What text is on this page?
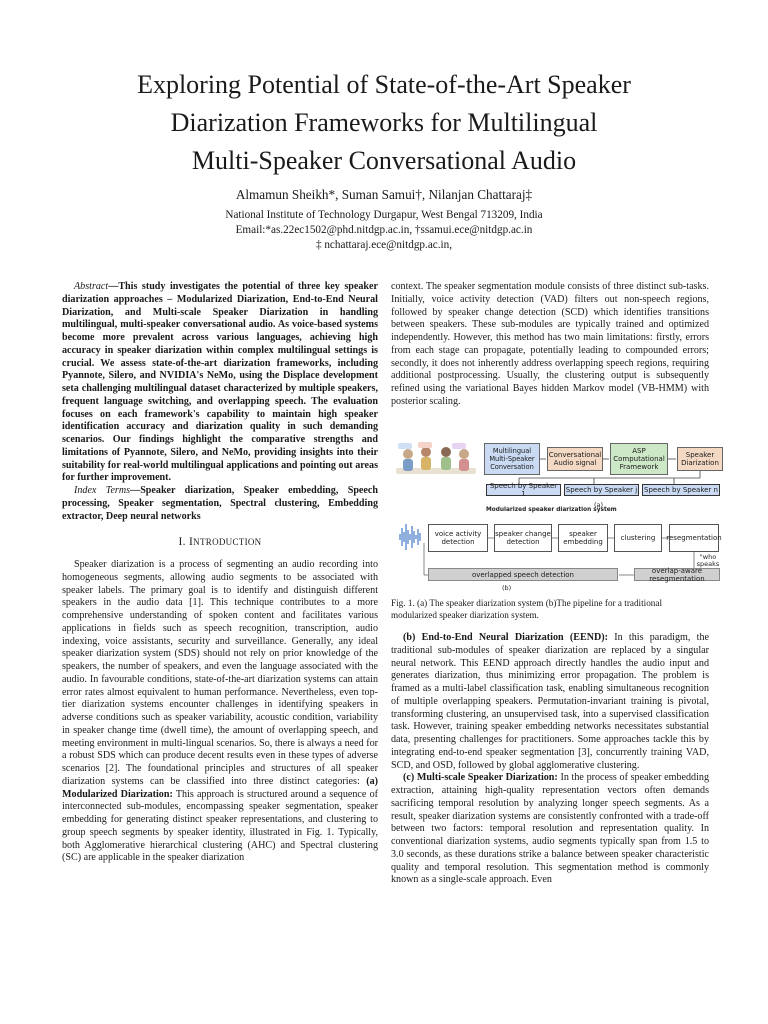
Exploring Potential of State-of-the-Art Speaker
Diarization Frameworks for Multilingual
Multi-Speaker Conversational Audio
Almamun Sheikh*, Suman Samui†, Nilanjan Chattaraj‡
National Institute of Technology Durgapur, West Bengal 713209, India
Email:*as.22ec1502@phd.nitdgp.ac.in, †ssamui.ece@nitdgp.ac.in
‡ nchattaraj.ece@nitdgp.ac.in,

Abstract—This study investigates the potential of three key speaker diarization approaches – Modularized Diarization, End-to-End Neural Diarization, and Multi-scale Speaker Diarization in handling multilingual, multi-speaker conversational audio. As voice-based systems become more prevalent across various languages, achieving high accuracy in speaker diarization within complex multilingual settings is crucial. We assess state-of-the-art diarization frameworks, including Pyannote, Silero, and NVIDIA's NeMo, using the Displace development seta challenging multilingual dataset characterized by multiple speakers, frequent language switching, and overlapping speech. The evaluation focuses on each framework's capability to maintain high speaker identification accuracy and diarization quality in such demanding scenarios. Our findings highlight the comparative strengths and limitations of Pyannote, Silero, and NeMo, providing insights into their suitability for real-world multilingual applications and pointing out areas for further improvement.

Index Terms—Speaker diarization, Speaker embedding, Speech processing, Speaker segmentation, Spectral clustering, Embedding extractor, Deep neural networks

I. INTRODUCTION

Speaker diarization is a process of segmenting an audio recording into homogeneous segments, allowing audio segments to be associated with speaker labels. The primary goal is to identify and distinguish different speakers in the audio data [1]. This technique contributes to a more comprehensive understanding of spoken content and facilitates various applications in fields such as speech recognition, transcription, audio indexing, voice assistants, security and surveillance. Generally, any ideal speaker diarization system (SDS) should not rely on prior knowledge of the speakers, the number of speakers, and even the language associated with the audio. In favourable conditions, state-of-the-art diarization systems can attain error rates almost equivalent to human performance. Nevertheless, even top-tier diarization systems encounter challenges in identifying speakers in adverse conditions such as speaker variability, acoustic condition, variability in speaker change time (dwell time), the amount of overlapping speech, and meeting environment in multi-lingual scenarios. So, there is always a need for a robust SDS which can produce decent results even in these types of adverse scenarios [2]. The foundational principles and structures of all speaker diarization systems can be classified into three distinct categories: (a) Modularized Diarization: This approach is structured around a sequence of interconnected sub-modules, encompassing speaker segmentation, speaker embedding for generating distinct speaker representations, and clustering to group speech segments by speaker identity, illustrated in Fig. 1. Typically, both Agglomerative hierarchical clustering (AHC) and Spectral clustering (SC) are applicable in the speaker diarization

context. The speaker segmentation module consists of three distinct sub-tasks. Initially, voice activity detection (VAD) filters out non-speech regions, followed by speaker change detection (SCD) which identifies transitions between speakers. These sub-modules are typically trained and optimized independently. However, this method has two main limitations: firstly, errors from each stage can propagate, potentially leading to compounded errors; secondly, it does not inherently address overlapping speech regions, requiring additional postprocessing. Usually, the clustering output is subsequently refined using the variational Bayes hidden Markov model (VB-HMM) with posterior scaling.

Multilingual Multi-Speaker Conversation
Conversational Audio signal
ASP Computational Framework
Speaker Diarization
Speech by Speaker 1	Speech by Speaker j Speech by Speaker n
(a)
Modularized speaker diarization system
voice activity detection
speaker change detection
speaker embedding	clustering	resegmentation
"who speaks
overlapped speech detection	overlap-aware resegmentation
(b)
Fig. 1. (a) The speaker diarization system (b)The pipeline for a traditional modularized speaker diarization system.

(b) End-to-End Neural Diarization (EEND): In this paradigm, the traditional sub-modules of speaker diarization are replaced by a singular neural network. This EEND approach directly handles the audio input and generates diarization, thus minimizing error propagation. The problem is framed as a multi-label classification task, enabling simultaneous recognition of multiple overlapping speakers. Permutation-invariant training is pivotal, transforming clustering, an unsupervised task, into a supervised classification task. However, training speaker embedding networks necessitates substantial data, presenting challenges for practitioners. Some approaches tackle this by integrating end-to-end speaker segmentation [3], concurrently training VAD, SCD, and OSD, followed by global agglomerative clustering.

(c) Multi-scale Speaker Diarization: In the process of speaker embedding extraction, attaining high-quality representation vectors often demands sacrificing temporal resolution by analyzing longer speech segments. As a result, speaker diarization systems are consistently confronted with a trade-off between two factors: temporal resolution and representation quality. In conventional diarization systems, audio segments typically span from 1.5 to 3.0 seconds, as these durations strike a balance between speaker characteristic quality and temporal resolution. This segmentation method is commonly known as a single-scale approach. Even
